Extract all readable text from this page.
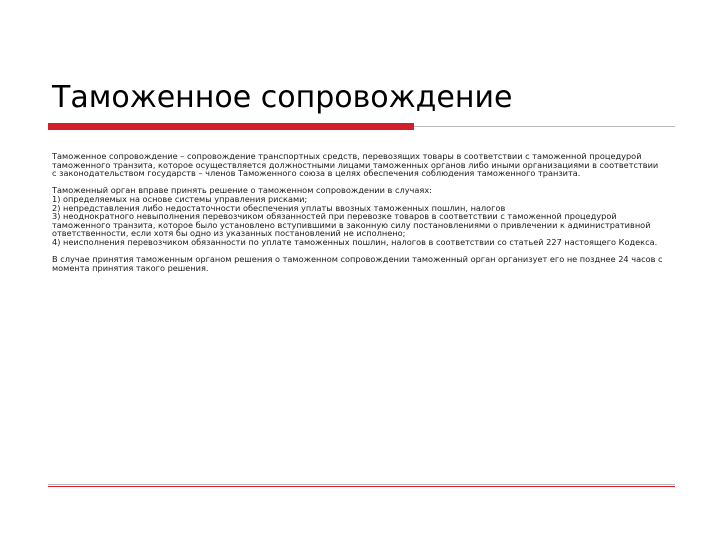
Таможенное сопровождение

Таможенное сопровождение – сопровождение транспортных средств, перевозящих товары в соответствии с таможенной процедурой таможенного транзита, которое осуществляется должностными лицами таможенных органов либо иными организациями в соответствии с законодательством государств – членов Таможенного союза в целях обеспечения соблюдения таможенного транзита.

Таможенный орган вправе принять решение о таможенном сопровождении в случаях:
1) определяемых на основе системы управления рисками;
2) непредставления либо недостаточности обеспечения уплаты ввозных таможенных пошлин, налогов
3) неоднократного невыполнения перевозчиком обязанностей при перевозке товаров в соответствии с таможенной процедурой таможенного транзита, которое было установлено вступившими в законную силу постановлениями о привлечении к административной ответственности, если хотя бы одно из указанных постановлений не исполнено;
4) неисполнения перевозчиком обязанности по уплате таможенных пошлин, налогов в соответствии со статьей 227 настоящего Кодекса.

В случае принятия таможенным органом решения о таможенном сопровождении таможенный орган организует его не позднее 24 часов с момента принятия такого решения.
